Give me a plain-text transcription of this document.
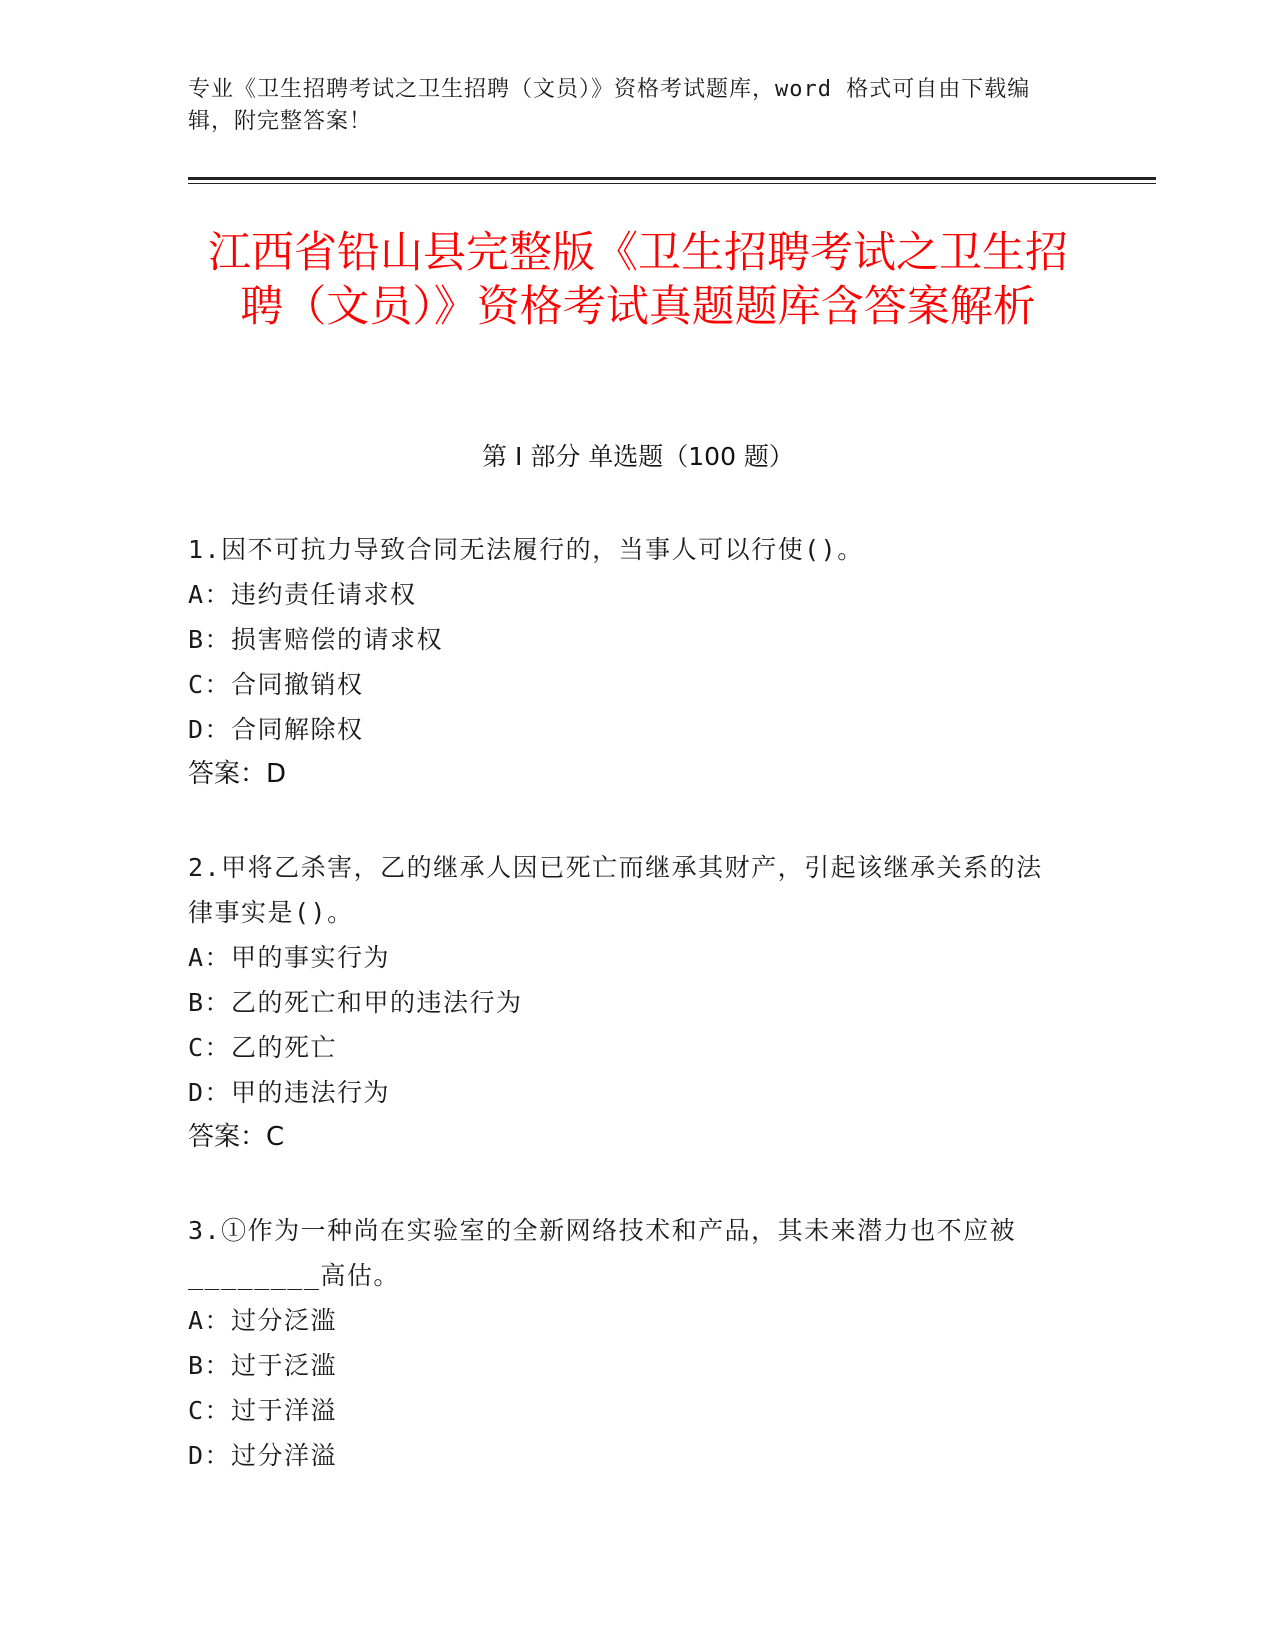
专业《卫生招聘考试之卫生招聘（文员）》资格考试题库，word 格式可自由下载编辑，附完整答案！
江西省铅山县完整版《卫生招聘考试之卫生招聘（文员）》资格考试真题题库含答案解析
第 I 部分 单选题（100 题）
1.因不可抗力导致合同无法履行的，当事人可以行使()。
A：违约责任请求权
B：损害赔偿的请求权
C：合同撤销权
D：合同解除权
答案：D
2.甲将乙杀害，乙的继承人因已死亡而继承其财产，引起该继承关系的法律事实是()。
A：甲的事实行为
B：乙的死亡和甲的违法行为
C：乙的死亡
D：甲的违法行为
答案：C
3.①作为一种尚在实验室的全新网络技术和产品，其未来潜力也不应被________高估。
A：过分泛滥
B：过于泛滥
C：过于洋溢
D：过分洋溢
